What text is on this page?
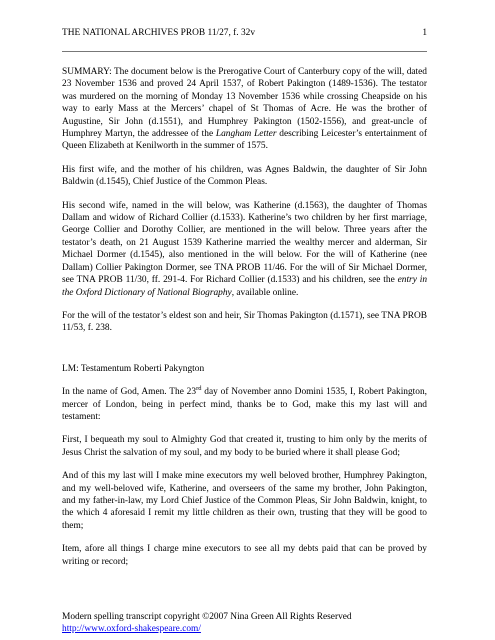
THE NATIONAL ARCHIVES PROB 11/27, f. 32v	1

SUMMARY: The document below is the Prerogative Court of Canterbury copy of the will, dated 23 November 1536 and proved 24 April 1537, of Robert Pakington (1489-1536). The testator was murdered on the morning of Monday 13 November 1536 while crossing Cheapside on his way to early Mass at the Mercers’ chapel of St Thomas of Acre. He was the brother of Augustine, Sir John (d.1551), and Humphrey Pakington (1502-1556), and great-uncle of Humphrey Martyn, the addressee of the Langham Letter describing Leicester’s entertainment of Queen Elizabeth at Kenilworth in the summer of 1575.

His first wife, and the mother of his children, was Agnes Baldwin, the daughter of Sir John Baldwin (d.1545), Chief Justice of the Common Pleas.

His second wife, named in the will below, was Katherine (d.1563), the daughter of Thomas Dallam and widow of Richard Collier (d.1533). Katherine’s two children by her first marriage, George Collier and Dorothy Collier, are mentioned in the will below. Three years after the testator’s death, on 21 August 1539 Katherine married the wealthy mercer and alderman, Sir Michael Dormer (d.1545), also mentioned in the will below. For the will of Katherine (nee Dallam) Collier Pakington Dormer, see TNA PROB 11/46. For the will of Sir Michael Dormer, see TNA PROB 11/30, ff. 291-4. For Richard Collier (d.1533) and his children, see the entry in the Oxford Dictionary of National Biography, available online.

For the will of the testator’s eldest son and heir, Sir Thomas Pakington (d.1571), see TNA PROB 11/53, f. 238.

LM: Testamentum Roberti Pakyngton

In the name of God, Amen. The 23rd day of November anno Domini 1535, I, Robert Pakington, mercer of London, being in perfect mind, thanks be to God, make this my last will and testament:

First, I bequeath my soul to Almighty God that created it, trusting to him only by the merits of Jesus Christ the salvation of my soul, and my body to be buried where it shall please God;

And of this my last will I make mine executors my well beloved brother, Humphrey Pakington, and my well-beloved wife, Katherine, and overseers of the same my brother, John Pakington, and my father-in-law, my Lord Chief Justice of the Common Pleas, Sir John Baldwin, knight, to the which 4 aforesaid I remit my little children as their own, trusting that they will be good to them;

Item, afore all things I charge mine executors to see all my debts paid that can be proved by writing or record;

Modern spelling transcript copyright ©2007 Nina Green All Rights Reserved
http://www.oxford-shakespeare.com/
